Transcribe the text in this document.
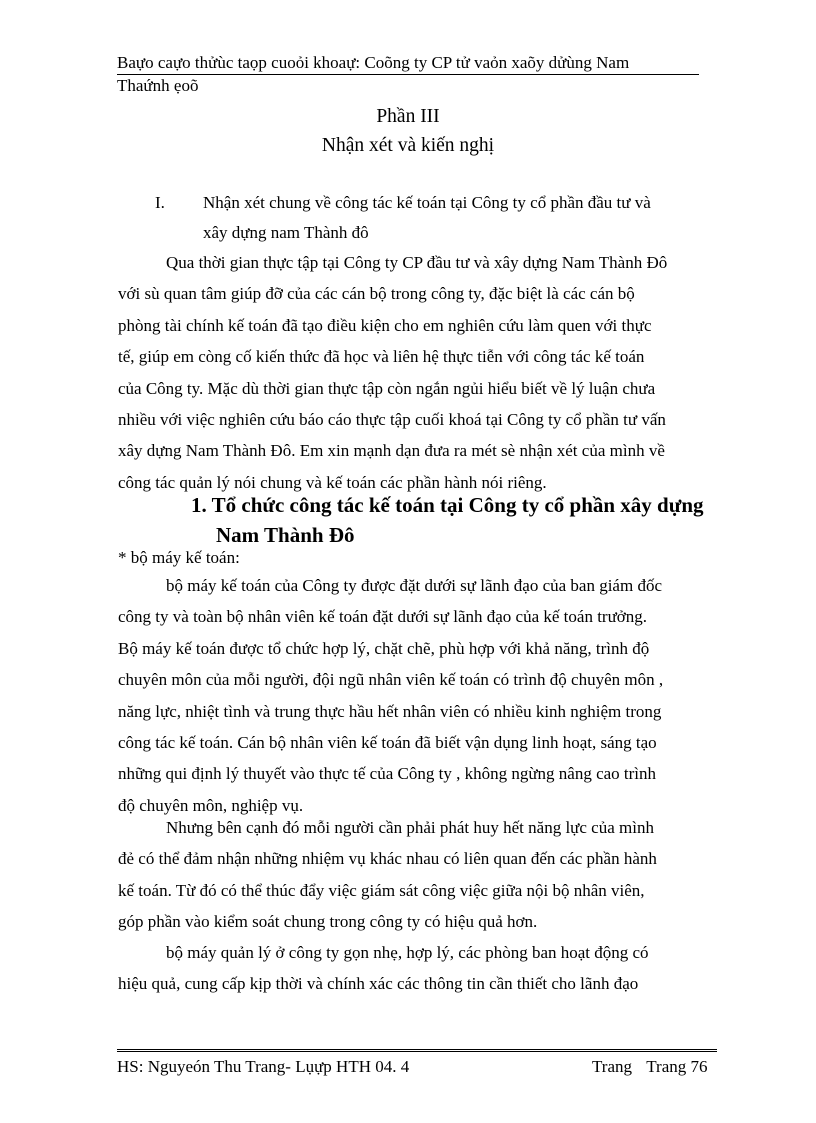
Baựo caựo thửùc taọp cuoỏi khoaự: Coõng ty CP tử vaỏn xaõy dửùng Nam
Thaứnh ẹoõ
Phần III
Nhận xét và kiến nghị
I. Nhận xét chung về công tác kế toán tại Công ty cổ phần đầu tư và
xây dựng nam Thành đô
Qua thời gian thực tập tại Công ty CP đầu tư và xây dựng Nam Thành Đô
với sù quan tâm giúp đỡ của các cán bộ trong công ty, đặc biệt là các cán bộ
phòng tài chính kế toán đã tạo điều kiện cho em nghiên cứu làm quen với thực
tế, giúp em còng cố kiến thức đã học và liên hệ thực tiễn với công tác kế toán
của Công ty. Mặc dù thời gian thực tập còn ngắn ngủi hiểu biết về lý luận chưa
nhiều với việc nghiên cứu báo cáo thực tập cuối khoá tại Công ty cổ phần tư vấn
xây dựng Nam Thành Đô. Em xin mạnh dạn đưa ra mét sè nhận xét của mình về
công tác quản lý nói chung và kế toán các phần hành nói riêng.
1. Tổ chức công tác kế toán tại Công ty cổ phần xây dựng
Nam Thành Đô
* bộ máy kế toán:
bộ máy kế toán của Công ty được đặt dưới sự lãnh đạo của ban giám đốc
công ty và toàn bộ nhân viên kế toán đặt dưới sự lãnh đạo của kế toán trưởng.
Bộ máy kế toán được tổ chức hợp lý, chặt chẽ, phù hợp với khả năng, trình độ
chuyên môn của mỗi người, đội ngũ nhân viên kế toán có trình độ chuyên môn ,
năng lực, nhiệt tình và trung thực hầu hết nhân viên có nhiều kinh nghiệm trong
công tác kế toán. Cán bộ nhân viên kế toán đã biết vận dụng linh hoạt, sáng tạo
những qui định lý thuyết vào thực tế của Công ty , không ngừng nâng cao trình
độ chuyên môn, nghiệp vụ.
Nhưng bên cạnh đó mỗi người cần phải phát huy hết năng lực của mình
đẻ có thể đảm nhận những nhiệm vụ khác nhau có liên quan đến các phần hành
kế toán. Từ đó có thể thúc đẩy việc giám sát công việc giữa nội bộ nhân viên,
góp phần vào kiểm soát chung trong công ty có hiệu quả hơn.
bộ máy quản lý ở công ty gọn nhẹ, hợp lý, các phòng ban hoạt động có
hiệu quả, cung cấp kịp thời và chính xác các thông tin cần thiết cho lãnh đạo
HS: Nguyeón Thu Trang- Lụựp HTH 04. 4	Trang Trang 76
